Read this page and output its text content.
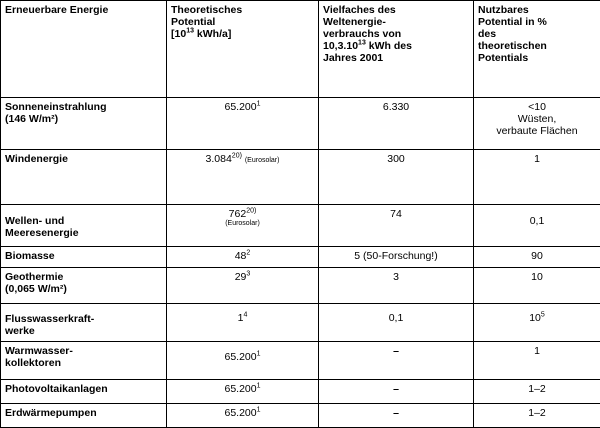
Erneuerbare Energie	Theoretisches
Potential
[$10^{13}$ kWh/a]	Vielfaches des
Weltenergie-
verbrauchs von
10,3.10$^{13}$ kWh des
Jahres 2001	Nutzbares
Potential in %
des
theoretischen
Potentials
Sonneneinstrahlung
(146 W/m²)	65.200$^1$	6.330	<10
Wüsten,
verbaute Flächen
Windenergie	3.084$^{20)}$ (Eurosolar)	300	1
Wellen- und
Meeresenergie	762$^{20)}$
(Eurosolar)	74	0,1
Biomasse	$48^2$	5 (50-Forschung!)	90
Geothermie
(0,065 W/m²)	$29^3$	3	10
Flusswasserkraft-
werke	$1^4$	0,1	$10^5$
Warmwasser-
kollektoren	65.200$^1$	–	1
Photovoltaikanlagen	65.200$^1$	–	1–2
Erdwärmepumpen	65.200$^1$	–	1–2
